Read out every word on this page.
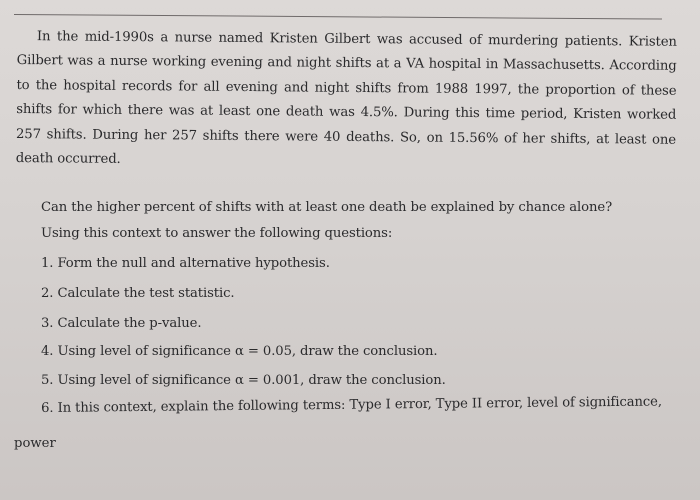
In the mid-1990s a nurse named Kristen Gilbert was accused of murdering patients. Kristen Gilbert was a nurse working evening and night shifts at a VA hospital in Massachusetts. According to the hospital records for all evening and night shifts from 1988 1997, the proportion of these shifts for which there was at least one death was 4.5%. During this time period, Kristen worked 257 shifts. During her 257 shifts there were 40 deaths. So, on 15.56% of her shifts, at least one death occurred.
Can the higher percent of shifts with at least one death be explained by chance alone?
Using this context to answer the following questions:
1. Form the null and alternative hypothesis.
2. Calculate the test statistic.
3. Calculate the p-value.
4. Using level of significance α = 0.05, draw the conclusion.
5. Using level of significance α = 0.001, draw the conclusion.
6. In this context, explain the following terms: Type I error, Type II error, level of significance,
power
